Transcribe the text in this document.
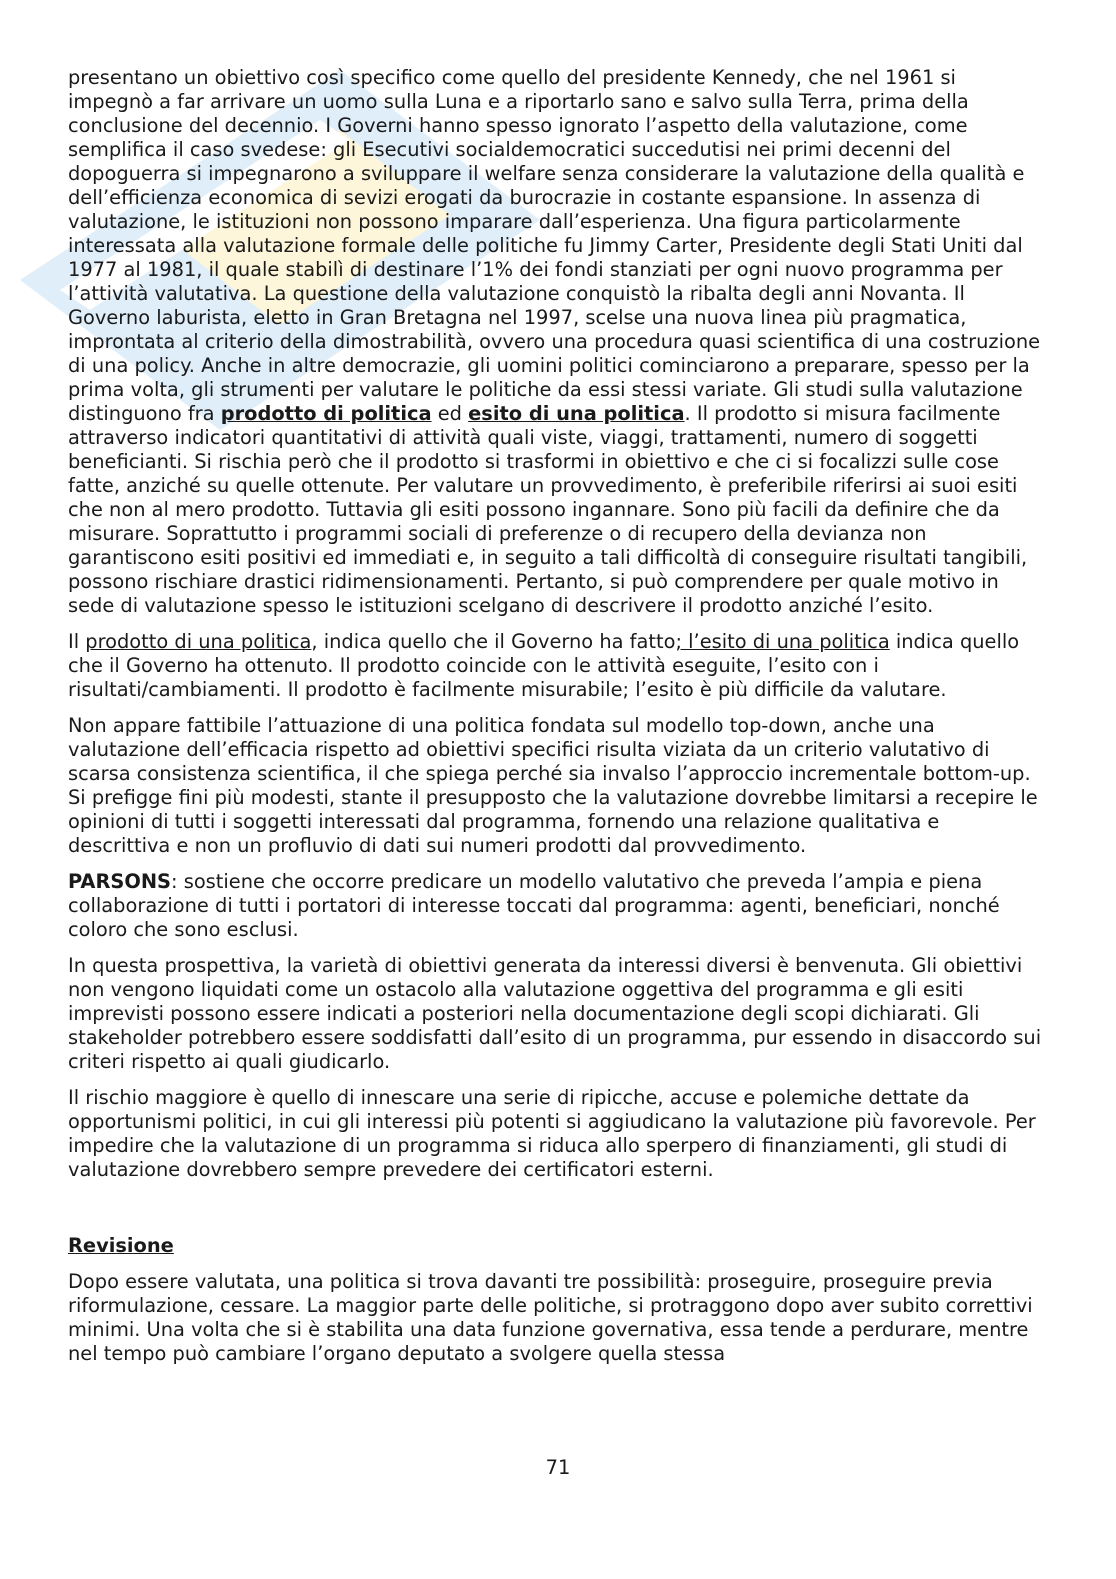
presentano un obiettivo così specifico come quello del presidente Kennedy, che nel 1961 si impegnò a far arrivare un uomo sulla Luna e a riportarlo sano e salvo sulla Terra, prima della conclusione del decennio. I Governi hanno spesso ignorato l’aspetto della valutazione, come semplifica il caso svedese: gli Esecutivi socialdemocratici succedutisi nei primi decenni del dopoguerra si impegnarono a sviluppare il welfare senza considerare la valutazione della qualità e dell’efficienza economica di sevizi erogati da burocrazie in costante espansione. In assenza di valutazione, le istituzioni non possono imparare dall’esperienza. Una figura particolarmente interessata alla valutazione formale delle politiche fu Jimmy Carter, Presidente degli Stati Uniti dal 1977 al 1981, il quale stabilì di destinare l’1% dei fondi stanziati per ogni nuovo programma per l’attività valutativa. La questione della valutazione conquistò la ribalta degli anni Novanta. Il Governo laburista, eletto in Gran Bretagna nel 1997, scelse una nuova linea più pragmatica, improntata al criterio della dimostrabilità, ovvero una procedura quasi scientifica di una costruzione di una policy. Anche in altre democrazie, gli uomini politici cominciarono a preparare, spesso per la prima volta, gli strumenti per valutare le politiche da essi stessi variate. Gli studi sulla valutazione distinguono fra prodotto di politica ed esito di una politica. Il prodotto si misura facilmente attraverso indicatori quantitativi di attività quali viste, viaggi, trattamenti, numero di soggetti beneficianti. Si rischia però che il prodotto si trasformi in obiettivo e che ci si focalizzi sulle cose fatte, anziché su quelle ottenute. Per valutare un provvedimento, è preferibile riferirsi ai suoi esiti che non al mero prodotto. Tuttavia gli esiti possono ingannare. Sono più facili da definire che da misurare. Soprattutto i programmi sociali di preferenze o di recupero della devianza non garantiscono esiti positivi ed immediati e, in seguito a tali difficoltà di conseguire risultati tangibili, possono rischiare drastici ridimensionamenti. Pertanto, si può comprendere per quale motivo in sede di valutazione spesso le istituzioni scelgano di descrivere il prodotto anziché l’esito.

Il prodotto di una politica, indica quello che il Governo ha fatto; l’esito di una politica indica quello che il Governo ha ottenuto. Il prodotto coincide con le attività eseguite, l’esito con i risultati/cambiamenti. Il prodotto è facilmente misurabile; l’esito è più difficile da valutare.

Non appare fattibile l’attuazione di una politica fondata sul modello top-down, anche una valutazione dell’efficacia rispetto ad obiettivi specifici risulta viziata da un criterio valutativo di scarsa consistenza scientifica, il che spiega perché sia invalso l’approccio incrementale bottom-up. Si prefigge fini più modesti, stante il presupposto che la valutazione dovrebbe limitarsi a recepire le opinioni di tutti i soggetti interessati dal programma, fornendo una relazione qualitativa e descrittiva e non un profluvio di dati sui numeri prodotti dal provvedimento.

PARSONS: sostiene che occorre predicare un modello valutativo che preveda l’ampia e piena collaborazione di tutti i portatori di interesse toccati dal programma: agenti, beneficiari, nonché coloro che sono esclusi.

In questa prospettiva, la varietà di obiettivi generata da interessi diversi è benvenuta. Gli obiettivi non vengono liquidati come un ostacolo alla valutazione oggettiva del programma e gli esiti imprevisti possono essere indicati a posteriori nella documentazione degli scopi dichiarati. Gli stakeholder potrebbero essere soddisfatti dall’esito di un programma, pur essendo in disaccordo sui criteri rispetto ai quali giudicarlo.

Il rischio maggiore è quello di innescare una serie di ripicche, accuse e polemiche dettate da opportunismi politici, in cui gli interessi più potenti si aggiudicano la valutazione più favorevole. Per impedire che la valutazione di un programma si riduca allo sperpero di finanziamenti, gli studi di valutazione dovrebbero sempre prevedere dei certificatori esterni.

Revisione

Dopo essere valutata, una politica si trova davanti tre possibilità: proseguire, proseguire previa riformulazione, cessare. La maggior parte delle politiche, si protraggono dopo aver subito correttivi minimi. Una volta che si è stabilita una data funzione governativa, essa tende a perdurare, mentre nel tempo può cambiare l’organo deputato a svolgere quella stessa

71
